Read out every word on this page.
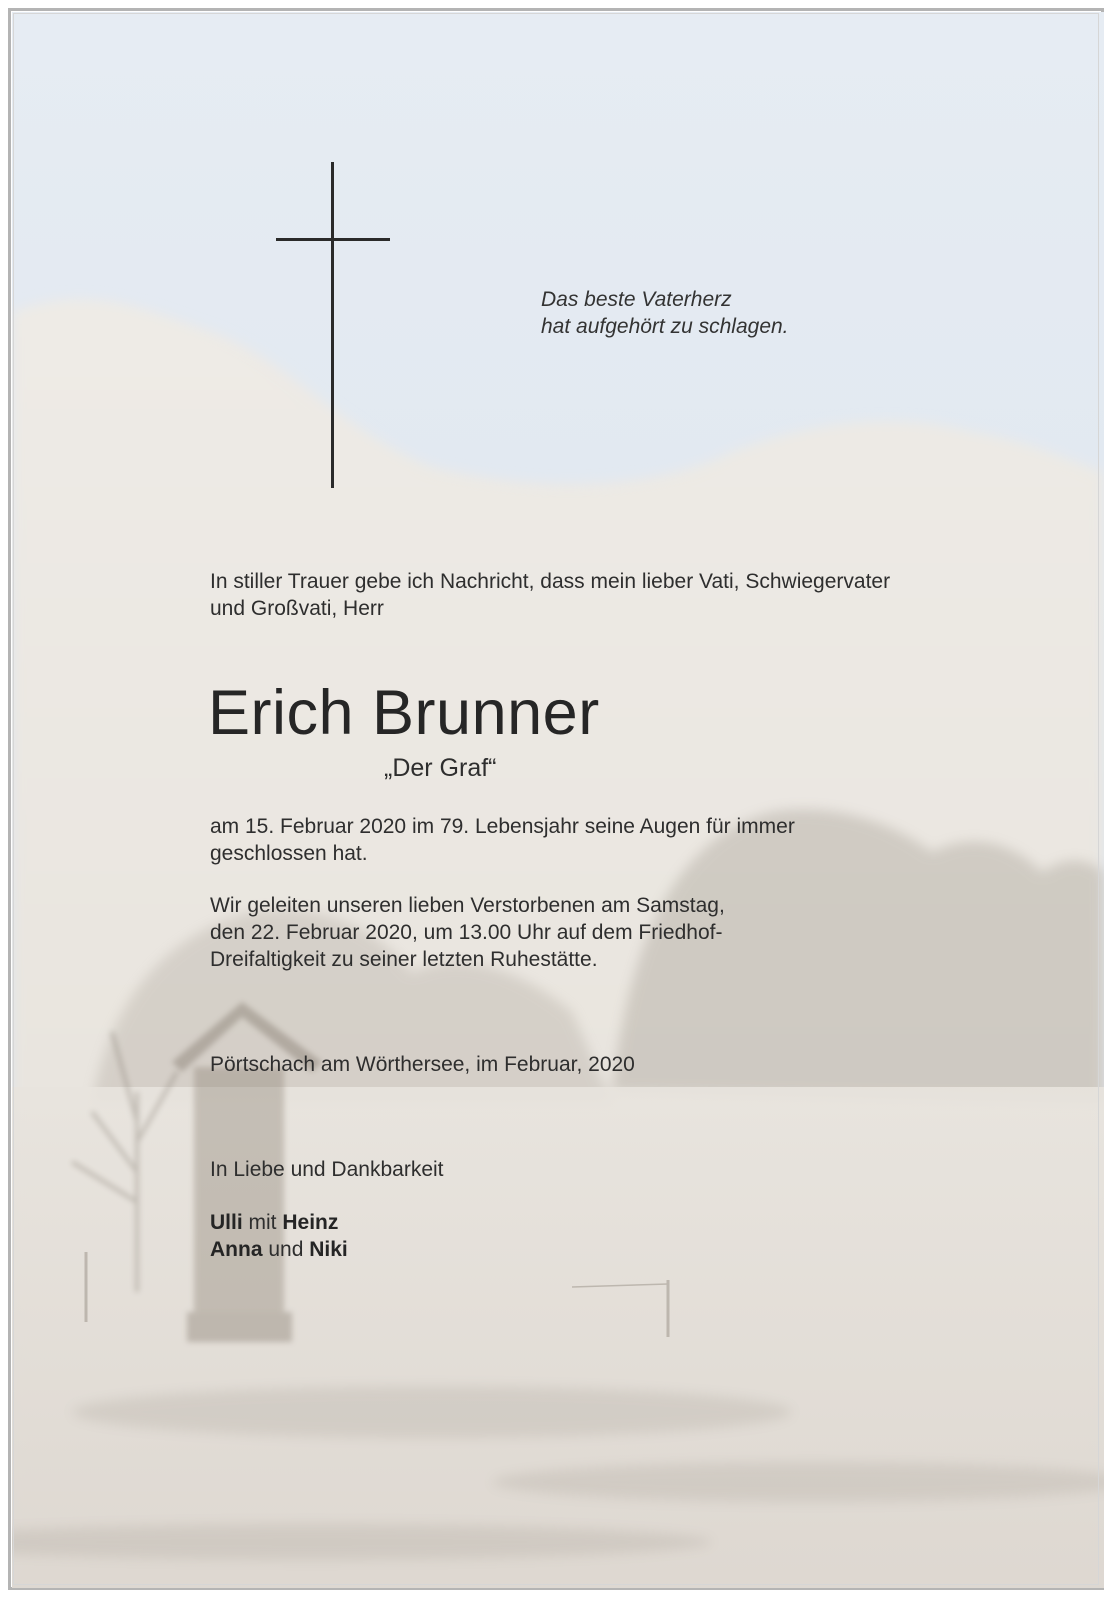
Das beste Vaterherz
hat aufgehört zu schlagen.
In stiller Trauer gebe ich Nachricht, dass mein lieber Vati, Schwiegervater
und Großvati, Herr
Erich Brunner
„Der Graf“
am 15. Februar 2020 im 79. Lebensjahr seine Augen für immer
geschlossen hat.
Wir geleiten unseren lieben Verstorbenen am Samstag,
den 22. Februar 2020, um 13.00 Uhr auf dem Friedhof-
Dreifaltigkeit zu seiner letzten Ruhestätte.
Pörtschach am Wörthersee, im Februar, 2020
In Liebe und Dankbarkeit
Ulli mit Heinz
Anna und Niki
